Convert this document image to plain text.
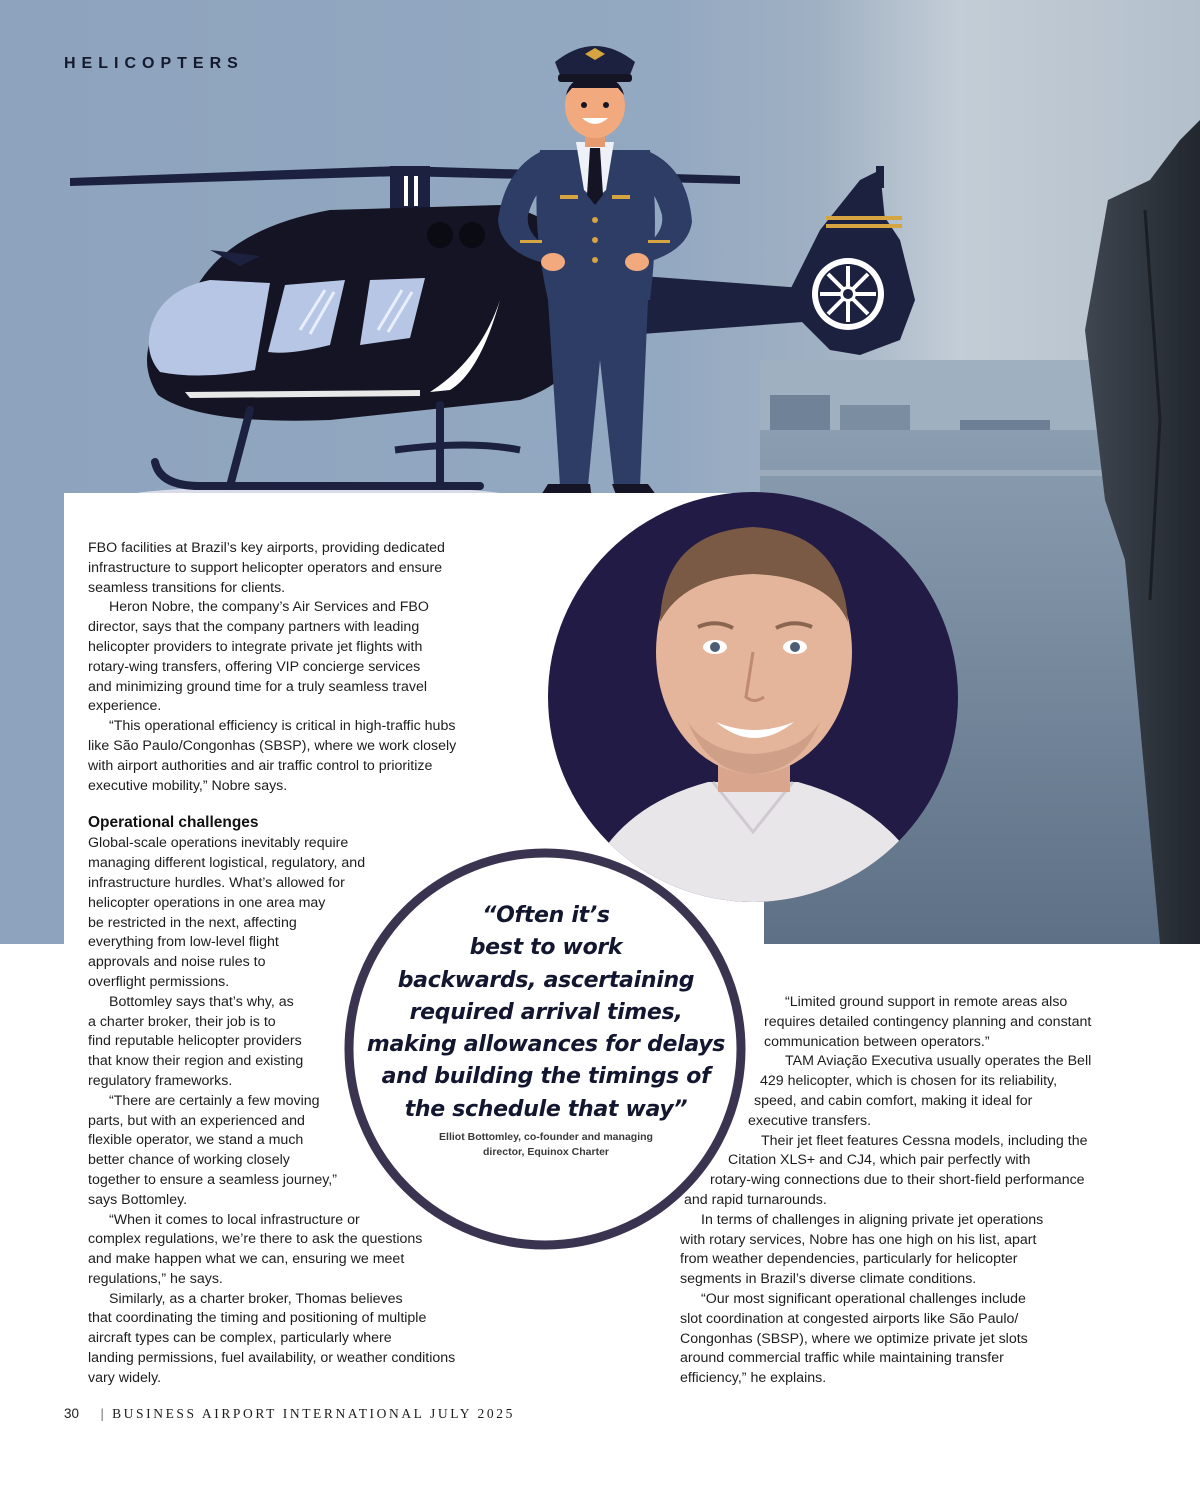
HELICOPTERS

FBO facilities at Brazil’s key airports, providing dedicated

infrastructure to support helicopter operators and ensure

seamless transitions for clients.

Heron Nobre, the company’s Air Services and FBO

director, says that the company partners with leading

helicopter providers to integrate private jet flights with

rotary-wing transfers, offering VIP concierge services

and minimizing ground time for a truly seamless travel

experience.

“This operational efficiency is critical in high-traffic hubs

like São Paulo/Congonhas (SBSP), where we work closely

with airport authorities and air traffic control to prioritize

executive mobility,” Nobre says.

Operational challenges

Global-scale operations inevitably require

managing different logistical, regulatory, and

infrastructure hurdles. What’s allowed for

helicopter operations in one area may

be restricted in the next, affecting

everything from low-level flight

approvals and noise rules to

overflight permissions.

Bottomley says that’s why, as

a charter broker, their job is to

find reputable helicopter providers

that know their region and existing

regulatory frameworks.

“There are certainly a few moving

parts, but with an experienced and

flexible operator, we stand a much

better chance of working closely

together to ensure a seamless journey,”

says Bottomley.

“When it comes to local infrastructure or

complex regulations, we’re there to ask the questions

and make happen what we can, ensuring we meet

regulations,” he says.

Similarly, as a charter broker, Thomas believes

that coordinating the timing and positioning of multiple

aircraft types can be complex, particularly where

landing permissions, fuel availability, or weather conditions

vary widely.

“Limited ground support in remote areas also

requires detailed contingency planning and constant

communication between operators.”

TAM Aviação Executiva usually operates the Bell

429 helicopter, which is chosen for its reliability,

speed, and cabin comfort, making it ideal for

executive transfers.

Their jet fleet features Cessna models, including the

Citation XLS+ and CJ4, which pair perfectly with

rotary-wing connections due to their short-field performance

and rapid turnarounds.

In terms of challenges in aligning private jet operations

with rotary services, Nobre has one high on his list, apart

from weather dependencies, particularly for helicopter

segments in Brazil’s diverse climate conditions.

“Our most significant operational challenges include

slot coordination at congested airports like São Paulo/

Congonhas (SBSP), where we optimize private jet slots

around commercial traffic while maintaining transfer

efficiency,” he explains.

“Often it’s
best to work
backwards, ascertaining
required arrival times,
making allowances for delays
and building the timings of
the schedule that way”
Elliot Bottomley, co-founder and managing
director, Equinox Charter
30 | BUSINESS AIRPORT INTERNATIONAL JULY 2025
